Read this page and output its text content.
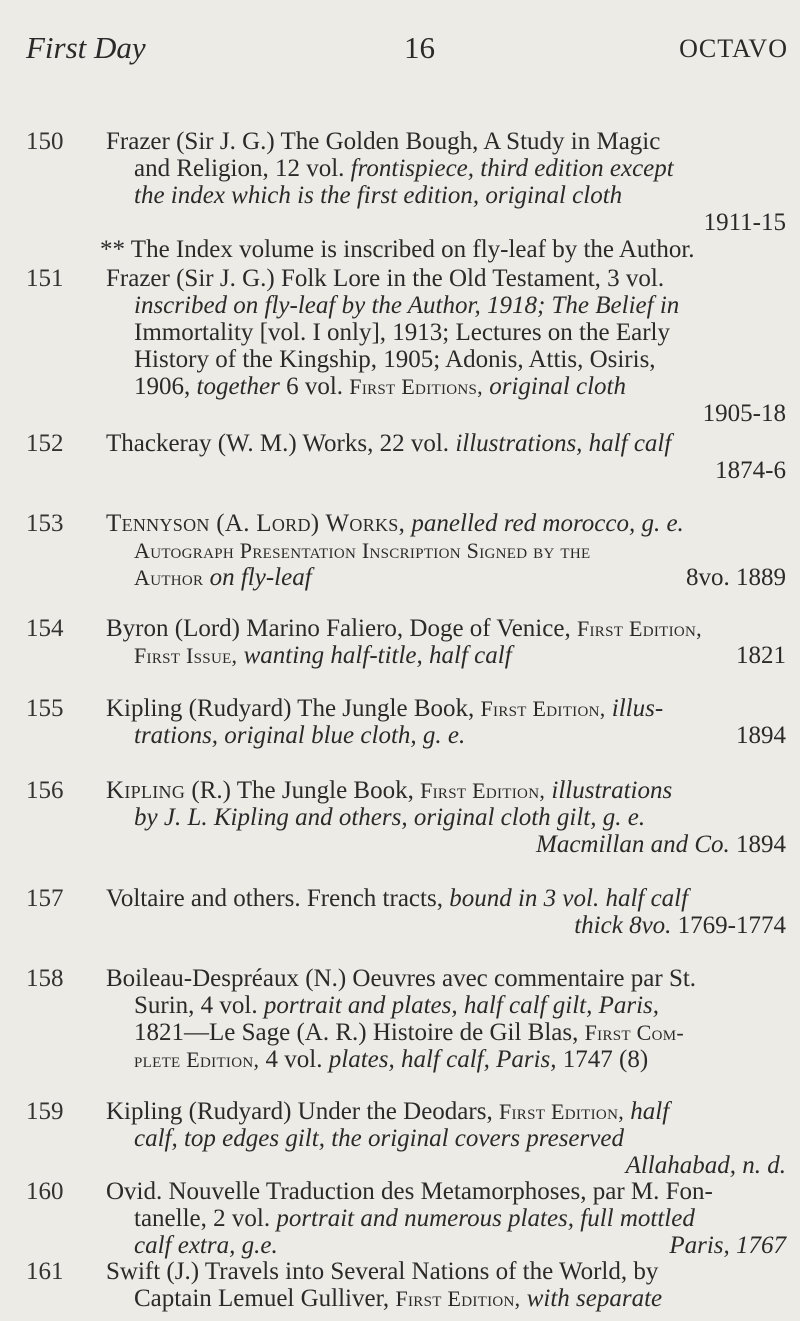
First Day	16	OCTAVO
150 Frazer (Sir J. G.) The Golden Bough, A Study in Magic
and Religion, 12 vol. frontispiece, third edition except
the index which is the first edition, original cloth
1911-15
** The Index volume is inscribed on fly-leaf by the Author.
151 Frazer (Sir J. G.) Folk Lore in the Old Testament, 3 vol.
inscribed on fly-leaf by the Author, 1918; The Belief in
Immortality [vol. I only], 1913; Lectures on the Early
History of the Kingship, 1905; Adonis, Attis, Osiris,
1906, together 6 vol. First Editions, original cloth
1905-18
152 Thackeray (W. M.) Works, 22 vol. illustrations, half calf
1874-6
153 Tennyson (A. Lord) Works, panelled red morocco, g. e.
Autograph Presentation Inscription Signed by the
Author on fly-leaf	8vo. 1889
154 Byron (Lord) Marino Faliero, Doge of Venice, First Edition,
First Issue, wanting half-title, half calf	1821
155 Kipling (Rudyard) The Jungle Book, First Edition, illus-
trations, original blue cloth, g. e.	1894
156 Kipling (R.) The Jungle Book, First Edition, illustrations
by J. L. Kipling and others, original cloth gilt, g. e.
Macmillan and Co. 1894
157 Voltaire and others. French tracts, bound in 3 vol. half calf
thick 8vo. 1769-1774
158 Boileau-Despréaux (N.) Oeuvres avec commentaire par St.
Surin, 4 vol. portrait and plates, half calf gilt, Paris,
1821—Le Sage (A. R.) Histoire de Gil Blas, First Com-
plete Edition, 4 vol. plates, half calf, Paris, 1747 (8)
159 Kipling (Rudyard) Under the Deodars, First Edition, half
calf, top edges gilt, the original covers preserved
Allahabad, n. d.
160 Ovid. Nouvelle Traduction des Metamorphoses, par M. Fon-
tanelle, 2 vol. portrait and numerous plates, full mottled
calf extra, g.e.	Paris, 1767
161 Swift (J.) Travels into Several Nations of the World, by
Captain Lemuel Gulliver, First Edition, with separate
